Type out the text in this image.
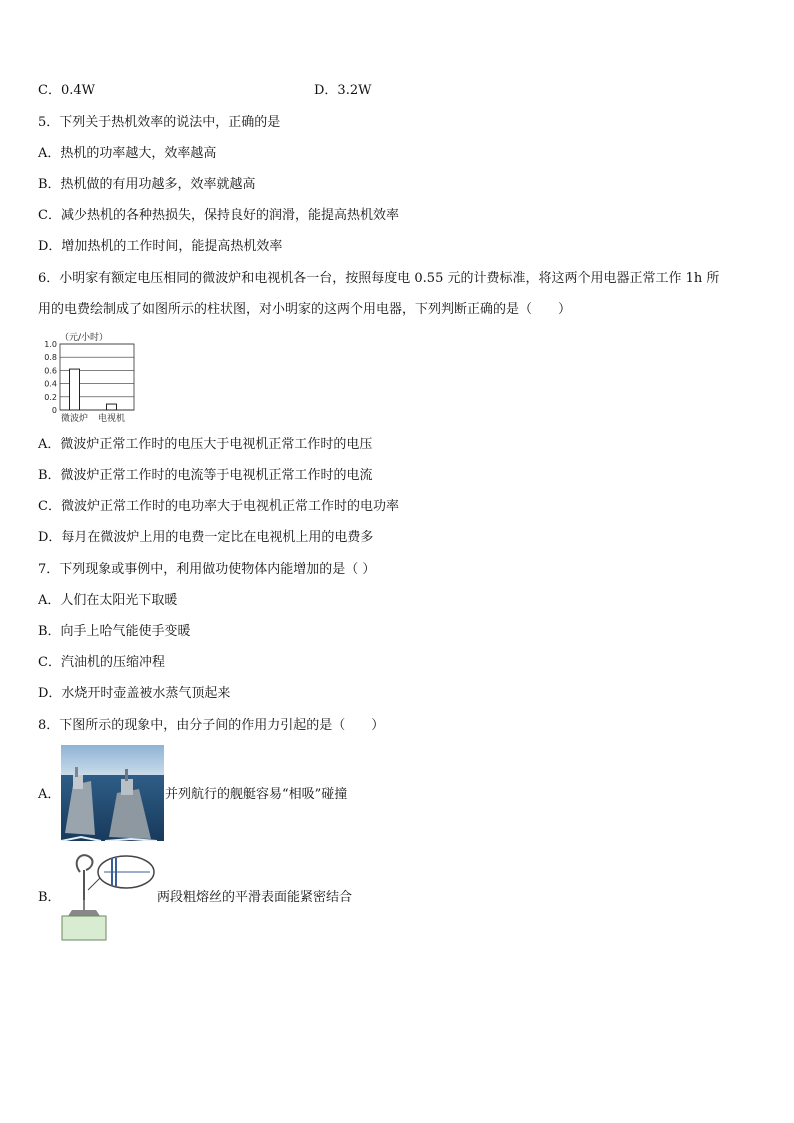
C．0.4W	D．3.2W
5．下列关于热机效率的说法中，正确的是
A．热机的功率越大，效率越高
B．热机做的有用功越多，效率就越高
C．减少热机的各种热损失，保持良好的润滑，能提高热机效率
D．增加热机的工作时间，能提高热机效率
6．小明家有额定电压相同的微波炉和电视机各一台，按照每度电 0.55 元的计费标准，将这两个用电器正常工作 1h 所
用的电费绘制成了如图所示的柱状图，对小明家的这两个用电器，下列判断正确的是（　　）
（元/小时）
1.0
0.8
0.6
0.4
0.2
0
微波炉 电视机
A．微波炉正常工作时的电压大于电视机正常工作时的电压
B．微波炉正常工作时的电流等于电视机正常工作时的电流
C．微波炉正常工作时的电功率大于电视机正常工作时的电功率
D．每月在微波炉上用的电费一定比在电视机上用的电费多
7．下列现象或事例中，利用做功使物体内能增加的是（ ）
A．人们在太阳光下取暖
B．向手上哈气能使手变暖
C．汽油机的压缩冲程
D．水烧开时壶盖被水蒸气顶起来
8．下图所示的现象中，由分子间的作用力引起的是（　　）
A．	并列航行的舰艇容易“相吸”碰撞
B．	两段粗熔丝的平滑表面能紧密结合
